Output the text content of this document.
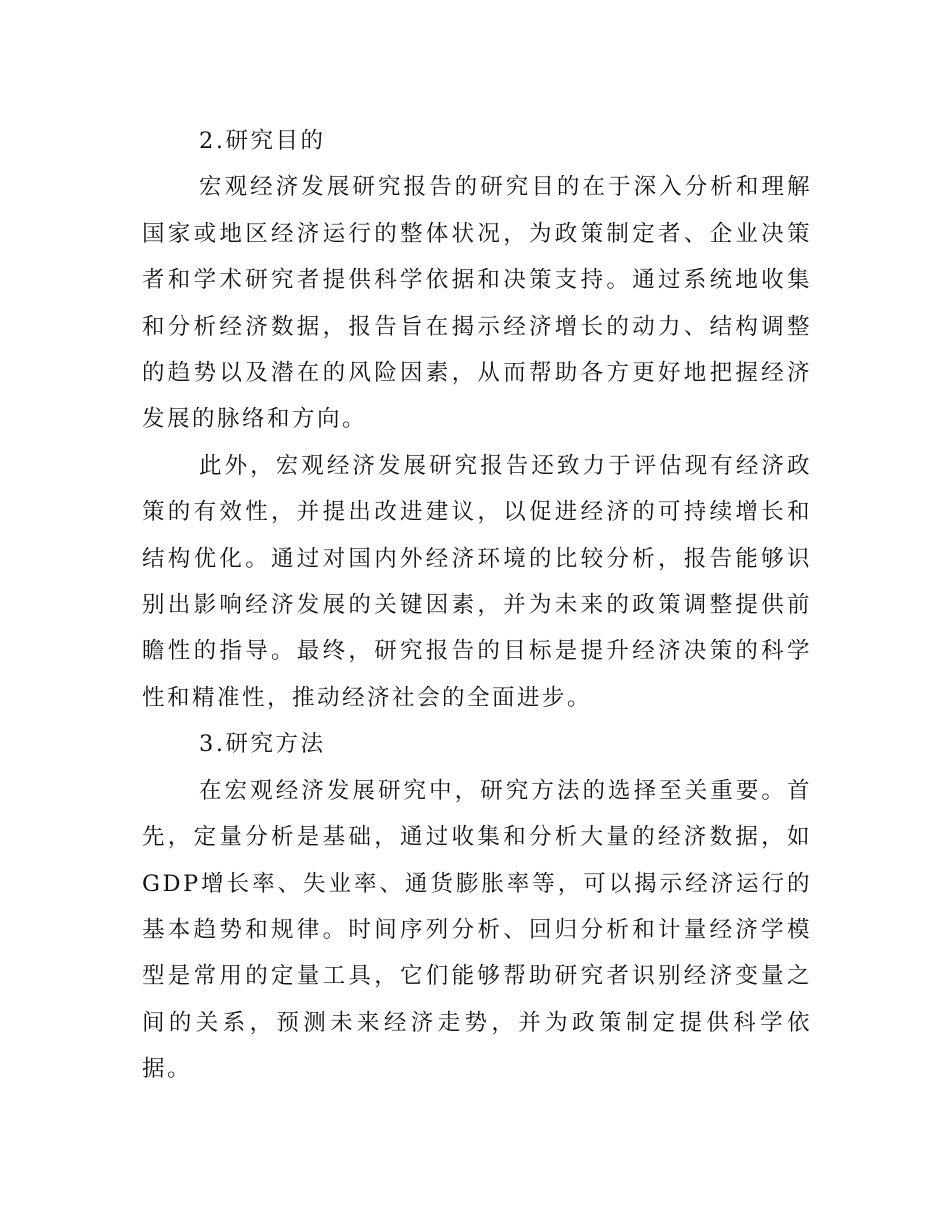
2.研究目的

宏观经济发展研究报告的研究目的在于深入分析和理解国家或地区经济运行的整体状况，为政策制定者、企业决策者和学术研究者提供科学依据和决策支持。通过系统地收集和分析经济数据，报告旨在揭示经济增长的动力、结构调整的趋势以及潜在的风险因素，从而帮助各方更好地把握经济发展的脉络和方向。

此外，宏观经济发展研究报告还致力于评估现有经济政策的有效性，并提出改进建议，以促进经济的可持续增长和结构优化。通过对国内外经济环境的比较分析，报告能够识别出影响经济发展的关键因素，并为未来的政策调整提供前瞻性的指导。最终，研究报告的目标是提升经济决策的科学性和精准性，推动经济社会的全面进步。

3.研究方法

在宏观经济发展研究中，研究方法的选择至关重要。首先，定量分析是基础，通过收集和分析大量的经济数据，如GDP增长率、失业率、通货膨胀率等，可以揭示经济运行的基本趋势和规律。时间序列分析、回归分析和计量经济学模型是常用的定量工具，它们能够帮助研究者识别经济变量之间的关系，预测未来经济走势，并为政策制定提供科学依据。
